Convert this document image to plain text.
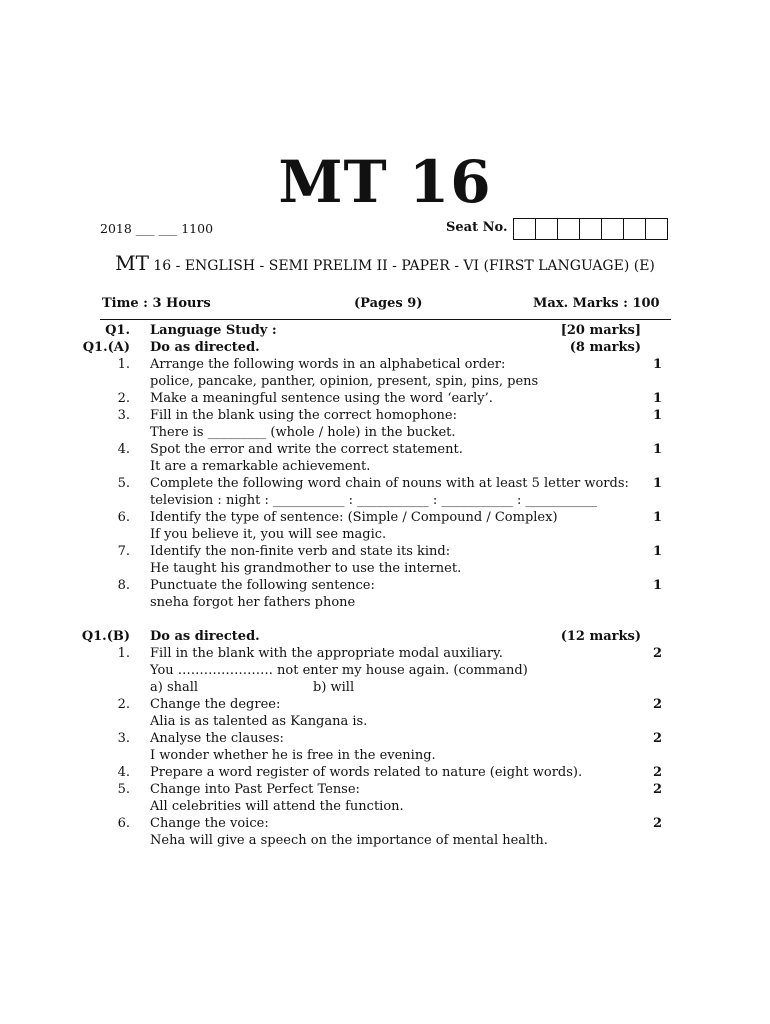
MT 16
2018 ___ ___ 1100	Seat No.
MT 16 - ENGLISH - SEMI PRELIM II - PAPER - VI (FIRST LANGUAGE) (E)
Time : 3 Hours	(Pages 9)	Max. Marks : 100
Q1. Language Study :	[20 marks]
Q1.(A) Do as directed.	(8 marks)
1. Arrange the following words in an alphabetical order:	1
police, pancake, panther, opinion, present, spin, pins, pens
2. Make a meaningful sentence using the word ‘early’.	1
3. Fill in the blank using the correct homophone:	1
There is _________ (whole / hole) in the bucket.
4. Spot the error and write the correct statement.	1
It are a remarkable achievement.
5. Complete the following word chain of nouns with at least 5 letter words: 1
television : night : ___________ : ___________ : ___________ : ___________
6. Identify the type of sentence: (Simple / Compound / Complex)	1
If you believe it, you will see magic.
7. Identify the non-finite verb and state its kind:	1
He taught his grandmother to use the internet.
8. Punctuate the following sentence:	1
sneha forgot her fathers phone
Q1.(B) Do as directed.	(12 marks)
1. Fill in the blank with the appropriate modal auxiliary.	2
You …………………. not enter my house again. (command)
a) shall	b) will
2. Change the degree:	2
Alia is as talented as Kangana is.
3. Analyse the clauses:	2
I wonder whether he is free in the evening.
4. Prepare a word register of words related to nature (eight words).	2
5. Change into Past Perfect Tense:	2
All celebrities will attend the function.
6. Change the voice:	2
Neha will give a speech on the importance of mental health.
